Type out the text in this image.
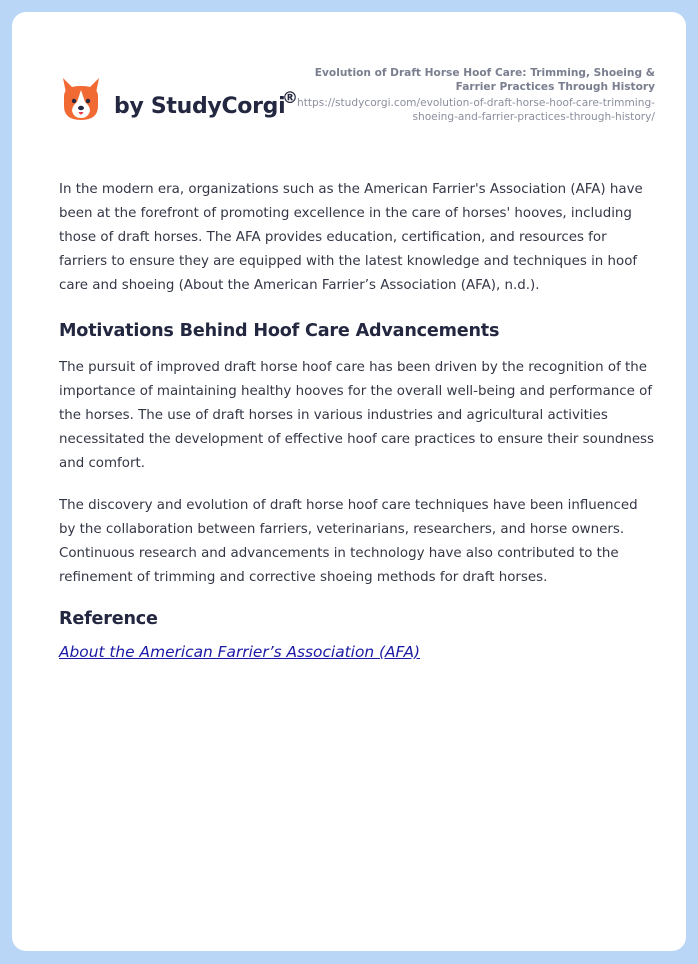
by StudyCorgi
®
Evolution of Draft Horse Hoof Care: Trimming, Shoeing & Farrier Practices Through History
https://studycorgi.com/evolution-of-draft-horse-hoof-care-trimming-shoeing-and-farrier-practices-through-history/

In the modern era, organizations such as the American Farrier's Association (AFA) have been at the forefront of promoting excellence in the care of horses' hooves, including those of draft horses. The AFA provides education, certification, and resources for farriers to ensure they are equipped with the latest knowledge and techniques in hoof care and shoeing (About the American Farrier’s Association (AFA), n.d.).

Motivations Behind Hoof Care Advancements

The pursuit of improved draft horse hoof care has been driven by the recognition of the importance of maintaining healthy hooves for the overall well-being and performance of the horses. The use of draft horses in various industries and agricultural activities necessitated the development of effective hoof care practices to ensure their soundness and comfort.

The discovery and evolution of draft horse hoof care techniques have been influenced by the collaboration between farriers, veterinarians, researchers, and horse owners. Continuous research and advancements in technology have also contributed to the refinement of trimming and corrective shoeing methods for draft horses.

Reference
About the American Farrier’s Association (AFA)
